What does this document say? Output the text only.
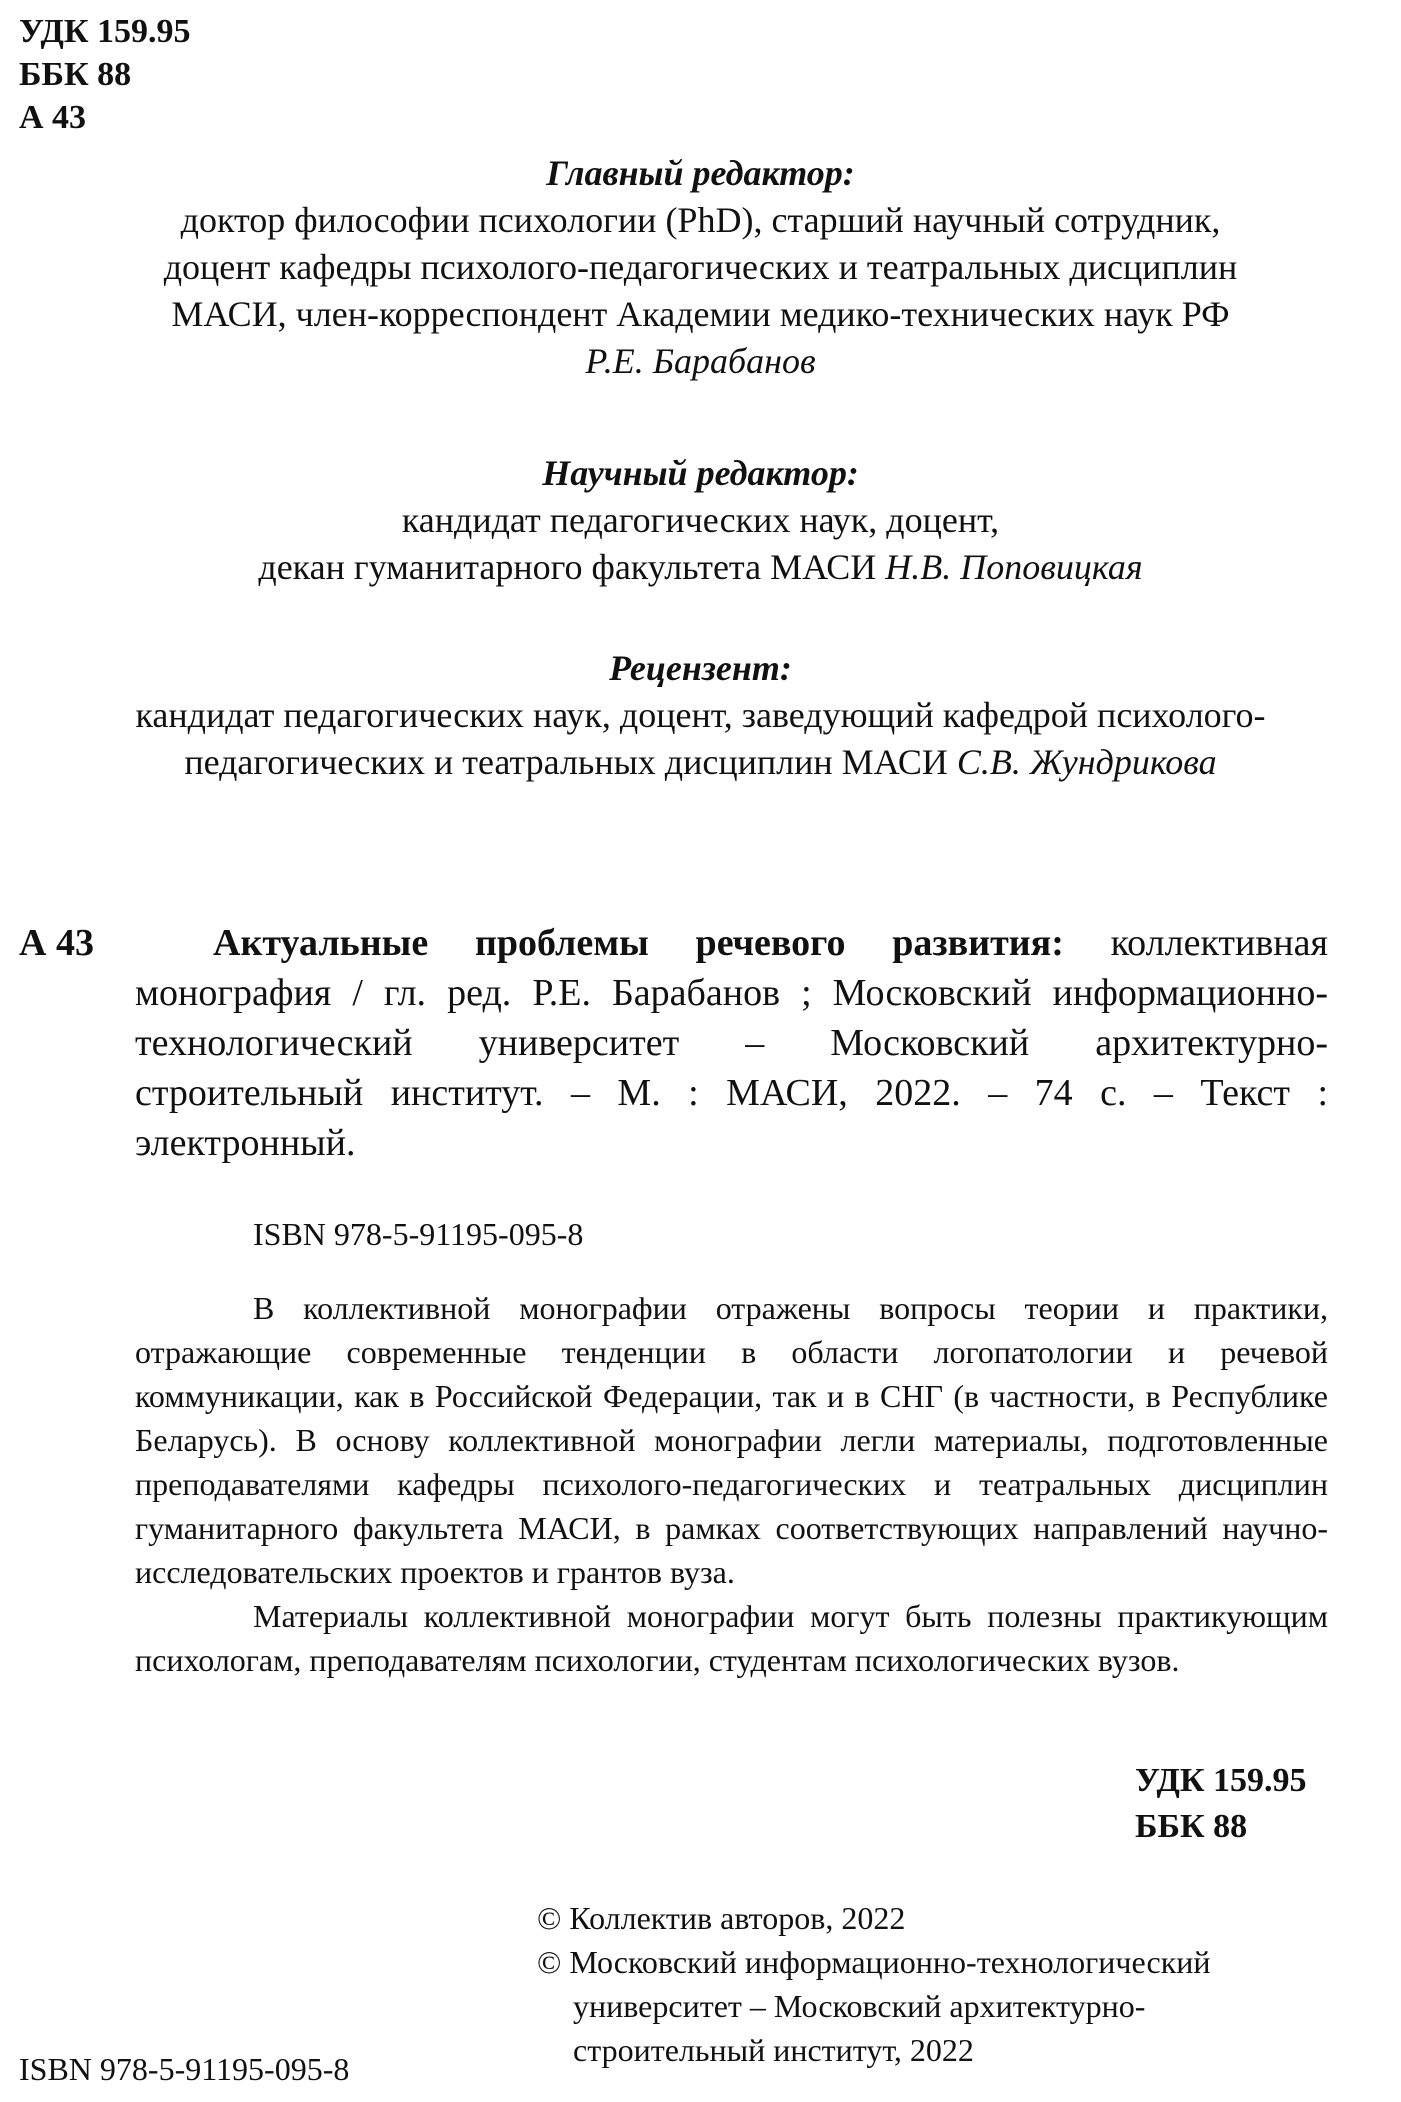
УДК 159.95
ББК 88
А 43
Главный редактор:
доктор философии психологии (PhD), старший научный сотрудник,
доцент кафедры психолого-педагогических и театральных дисциплин
МАСИ, член-корреспондент Академии медико-технических наук РФ
Р.Е. Барабанов
Научный редактор:
кандидат педагогических наук, доцент,
декан гуманитарного факультета МАСИ Н.В. Поповицкая
Рецензент:
кандидат педагогических наук, доцент, заведующий кафедрой психолого-
педагогических и театральных дисциплин МАСИ С.В. Жундрикова
А 43	Актуальные проблемы речевого развития: коллективная монография / гл. ред. Р.Е. Барабанов ; Московский информационно-технологический университет – Московский архитектурно-строительный институт. – М. : МАСИ, 2022. – 74 с. – Текст : электронный.
ISBN 978-5-91195-095-8

В коллективной монографии отражены вопросы теории и практики, отражающие современные тенденции в области логопатологии и речевой коммуникации, как в Российской Федерации, так и в СНГ (в частности, в Республике Беларусь). В основу коллективной монографии легли материалы, подготовленные преподавателями кафедры психолого-педагогических и театральных дисциплин гуманитарного факультета МАСИ, в рамках соответствующих направлений научно-исследовательских проектов и грантов вуза.

Материалы коллективной монографии могут быть полезны практикующим психологам, преподавателям психологии, студентам психологических вузов.

УДК 159.95
ББК 88
© Коллектив авторов, 2022
© Московский информационно-технологический
университет – Московский архитектурно-
строительный институт, 2022
ISBN 978-5-91195-095-8
